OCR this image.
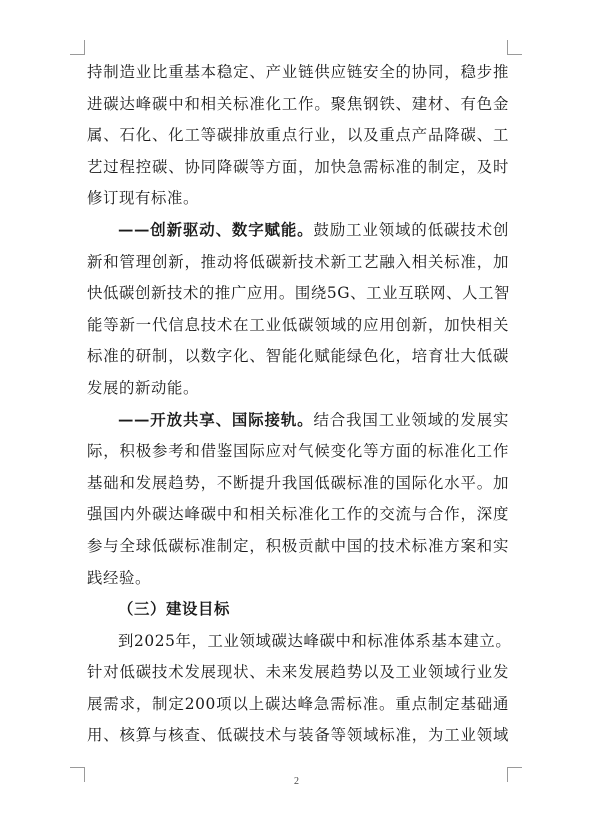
持制造业比重基本稳定、产业链供应链安全的协同，稳步推
进碳达峰碳中和相关标准化工作。聚焦钢铁、建材、有色金
属、石化、化工等碳排放重点行业，以及重点产品降碳、工
艺过程控碳、协同降碳等方面，加快急需标准的制定，及时
修订现有标准。
——创新驱动、数字赋能。鼓励工业领域的低碳技术创
新和管理创新，推动将低碳新技术新工艺融入相关标准，加
快低碳创新技术的推广应用。围绕5G、工业互联网、人工智
能等新一代信息技术在工业低碳领域的应用创新，加快相关
标准的研制，以数字化、智能化赋能绿色化，培育壮大低碳
发展的新动能。
——开放共享、国际接轨。结合我国工业领域的发展实
际，积极参考和借鉴国际应对气候变化等方面的标准化工作
基础和发展趋势，不断提升我国低碳标准的国际化水平。加
强国内外碳达峰碳中和相关标准化工作的交流与合作，深度
参与全球低碳标准制定，积极贡献中国的技术标准方案和实
践经验。
（三）建设目标
到2025年，工业领域碳达峰碳中和标准体系基本建立。
针对低碳技术发展现状、未来发展趋势以及工业领域行业发
展需求，制定200项以上碳达峰急需标准。重点制定基础通
用、核算与核查、低碳技术与装备等领域标准，为工业领域
2
